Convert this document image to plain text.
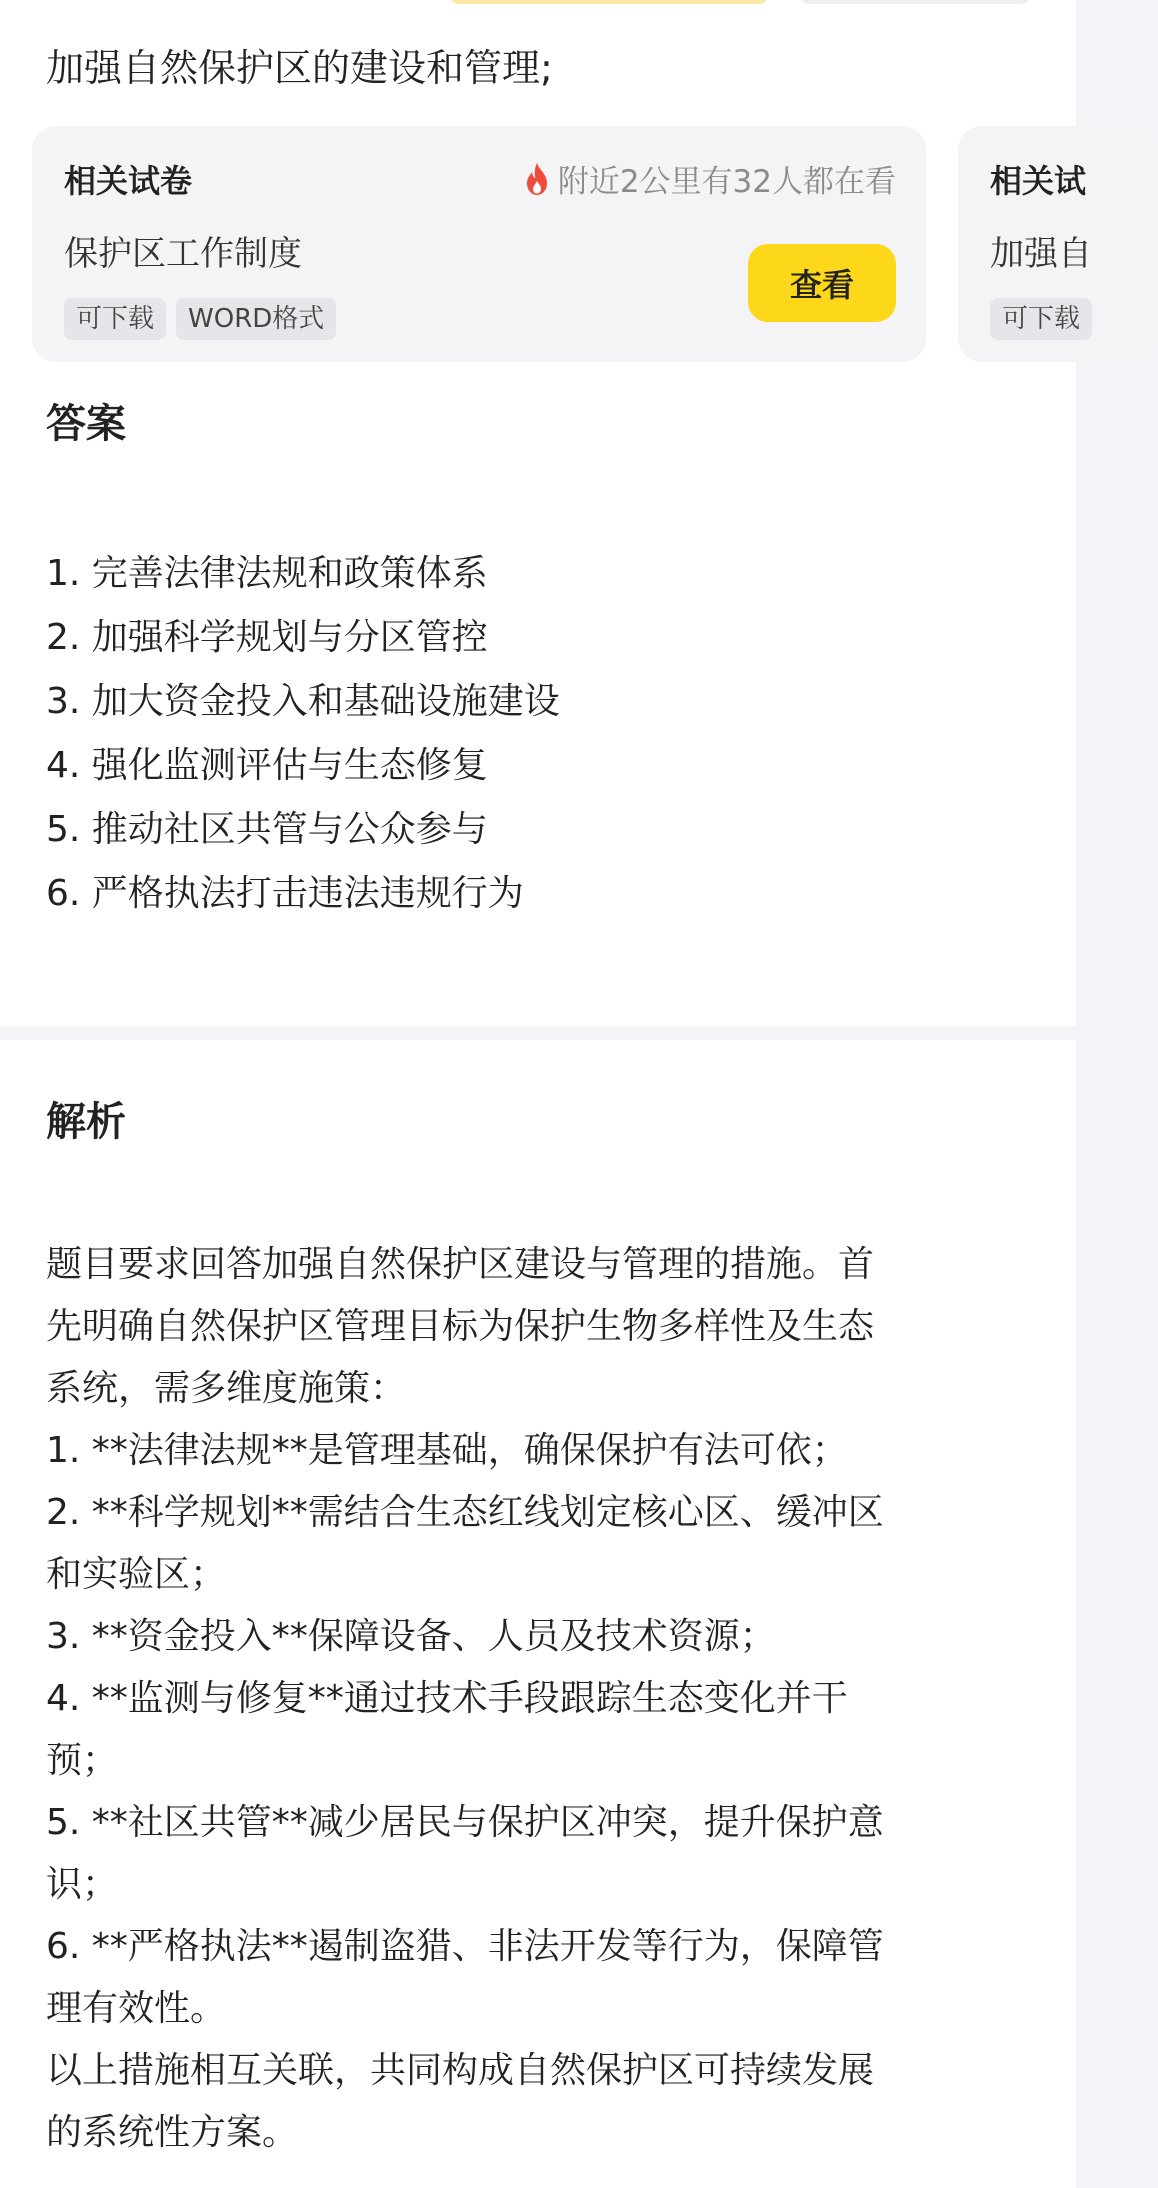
加强自然保护区的建设和管理;
相关试卷	附近2公里有32人都在看
保护区工作制度
可下载	WORD格式
查看
相关试
加强自
可下载
答案
1. 完善法律法规和政策体系
2. 加强科学规划与分区管控
3. 加大资金投入和基础设施建设
4. 强化监测评估与生态修复
5. 推动社区共管与公众参与
6. 严格执法打击违法违规行为
解析
题目要求回答加强自然保护区建设与管理的措施。首
先明确自然保护区管理目标为保护生物多样性及生态
系统，需多维度施策：
1. **法律法规**是管理基础，确保保护有法可依；
2. **科学规划**需结合生态红线划定核心区、缓冲区
和实验区；
3. **资金投入**保障设备、人员及技术资源；
4. **监测与修复**通过技术手段跟踪生态变化并干
预；
5. **社区共管**减少居民与保护区冲突，提升保护意
识；
6. **严格执法**遏制盗猎、非法开发等行为，保障管
理有效性。
以上措施相互关联，共同构成自然保护区可持续发展
的系统性方案。
